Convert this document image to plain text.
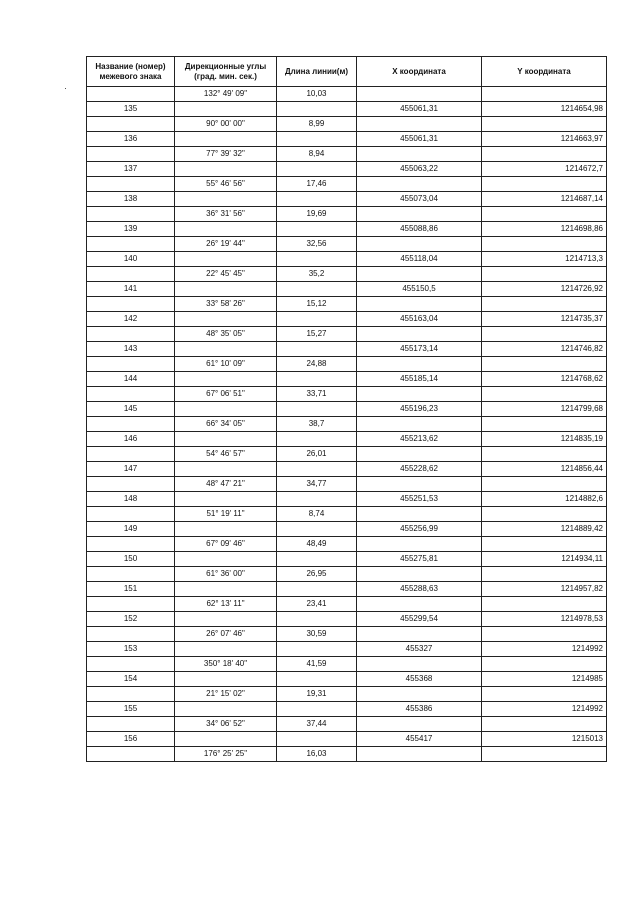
·
Название (номер) межевого знака	Дирекционные углы (град. мин. сек.)	Длина линии(м)	X координата	Y координата
	132° 49' 09"	10,03		
135			455061,31	1214654,98
	90° 00' 00"	8,99		
136			455061,31	1214663,97
	77° 39' 32"	8,94		
137			455063,22	1214672,7
	55° 46' 56"	17,46		
138			455073,04	1214687,14
	36° 31' 56"	19,69		
139			455088,86	1214698,86
	26° 19' 44"	32,56		
140			455118,04	1214713,3
	22° 45' 45"	35,2		
141			455150,5	1214726,92
	33° 58' 26"	15,12		
142			455163,04	1214735,37
	48° 35' 05"	15,27		
143			455173,14	1214746,82
	61° 10' 09"	24,88		
144			455185,14	1214768,62
	67° 06' 51"	33,71		
145			455196,23	1214799,68
	66° 34' 05"	38,7		
146			455213,62	1214835,19
	54° 46' 57"	26,01		
147			455228,62	1214856,44
	48° 47' 21"	34,77		
148			455251,53	1214882,6
	51° 19' 11"	8,74		
149			455256,99	1214889,42
	67° 09' 46"	48,49		
150			455275,81	1214934,11
	61° 36' 00"	26,95		
151			455288,63	1214957,82
	62° 13' 11"	23,41		
152			455299,54	1214978,53
	26° 07' 46"	30,59		
153			455327	1214992
	350° 18' 40"	41,59		
154			455368	1214985
	21° 15' 02"	19,31		
155			455386	1214992
	34° 06' 52"	37,44		
156			455417	1215013
	176° 25' 25"	16,03		
